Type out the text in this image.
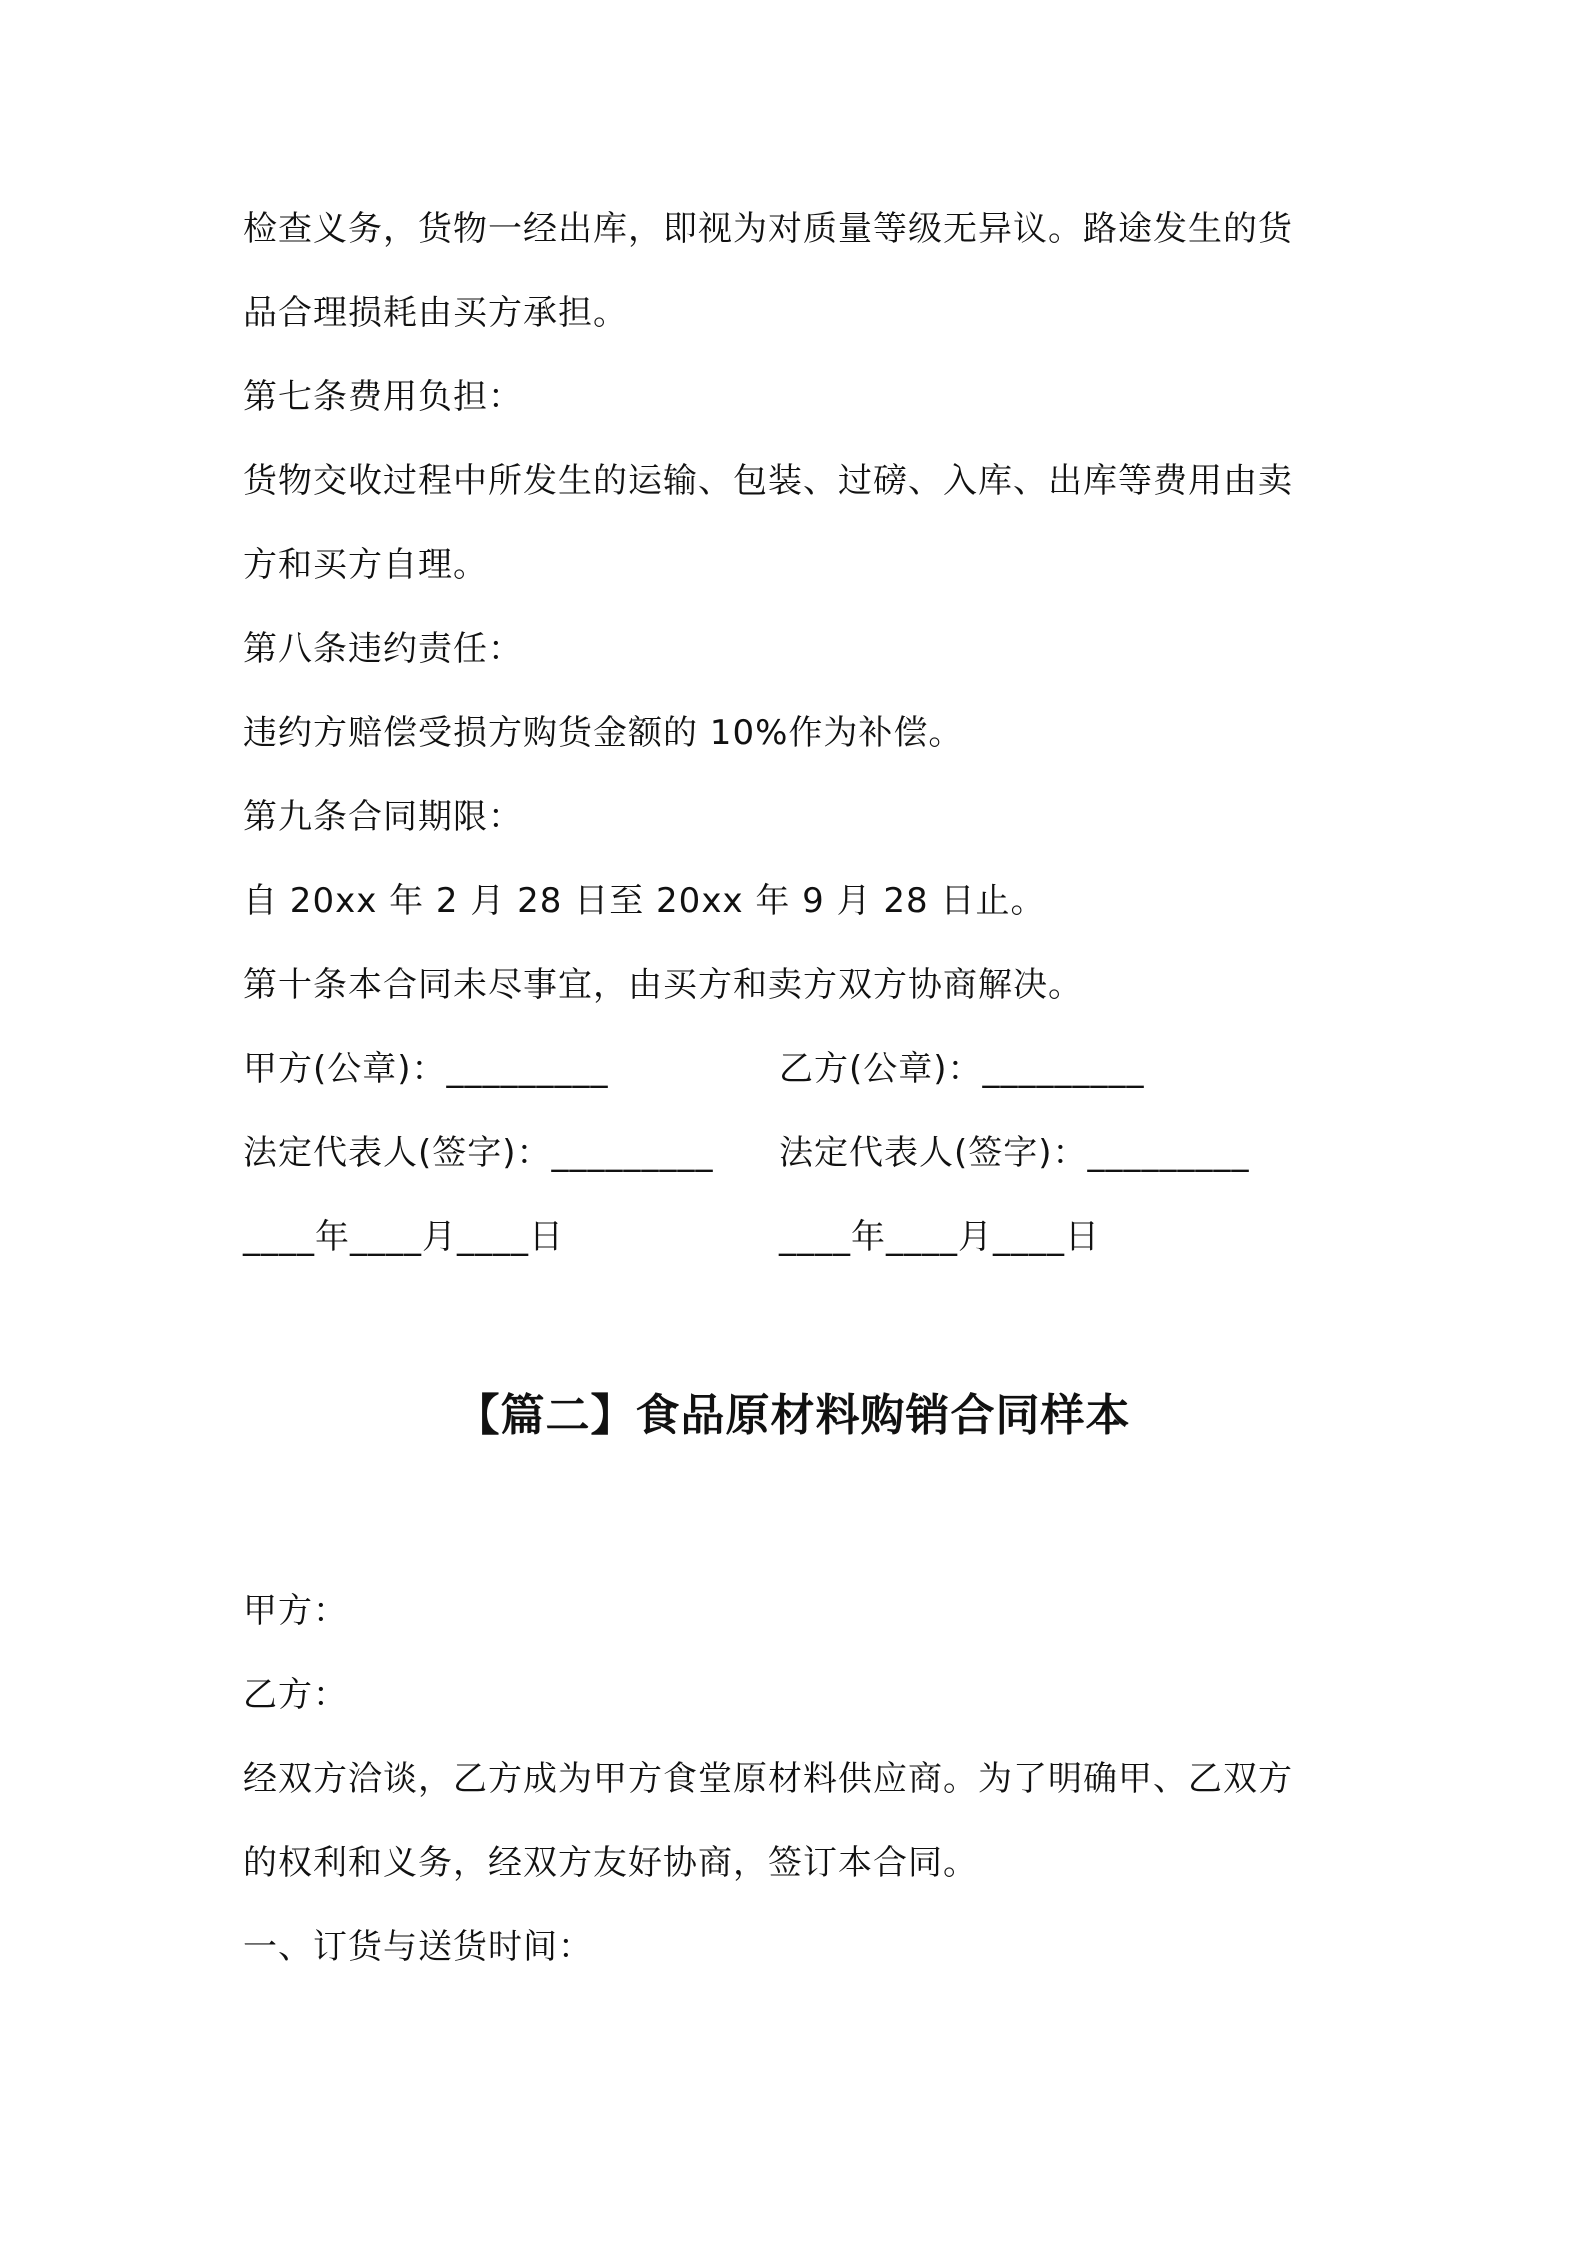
检查义务，货物一经出库，即视为对质量等级无异议。路途发生的货
品合理损耗由买方承担。
第七条费用负担：
货物交收过程中所发生的运输、包装、过磅、入库、出库等费用由卖
方和买方自理。
第八条违约责任：
违约方赔偿受损方购货金额的 10%作为补偿。
第九条合同期限：
自 20xx 年 2 月 28 日至 20xx 年 9 月 28 日止。
第十条本合同未尽事宜，由买方和卖方双方协商解决。
甲方(公章)：_________	乙方(公章)：_________
法定代表人(签字)：_________ 法定代表人(签字)：_________
____年____月____日	____年____月____日
【篇二】食品原材料购销合同样本
甲方：
乙方：
经双方洽谈，乙方成为甲方食堂原材料供应商。为了明确甲、乙双方
的权利和义务，经双方友好协商，签订本合同。
一、订货与送货时间：
